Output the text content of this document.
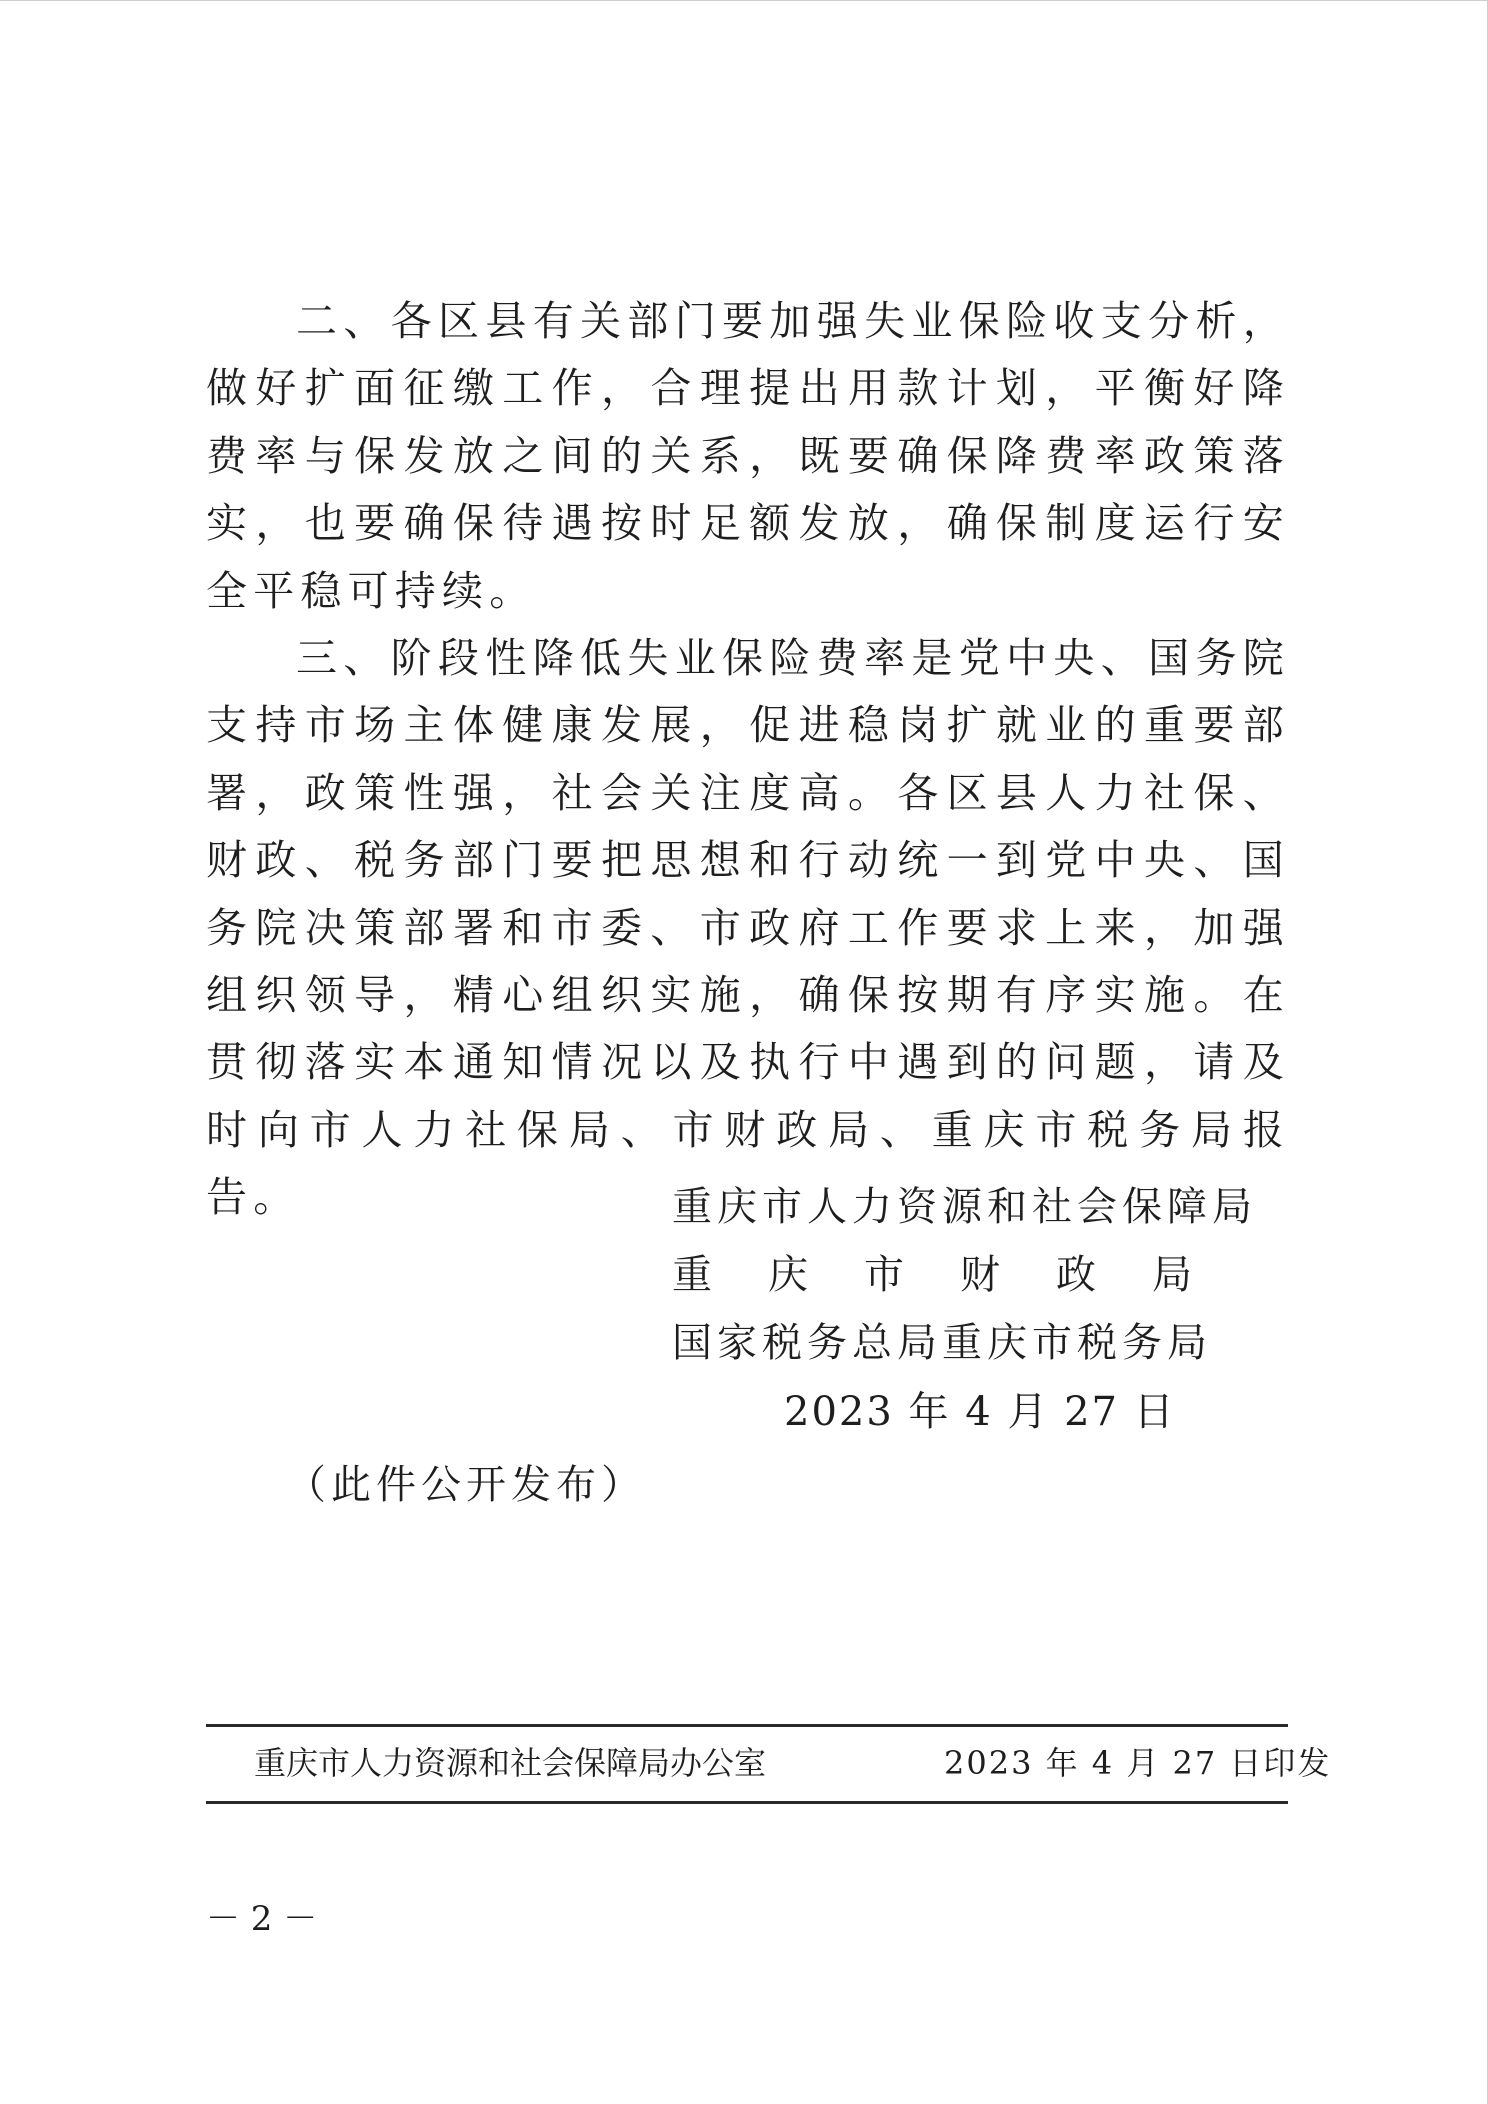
二、各区县有关部门要加强失业保险收支分析，做好扩面征缴工作，合理提出用款计划，平衡好降费率与保发放之间的关系，既要确保降费率政策落实，也要确保待遇按时足额发放，确保制度运行安全平稳可持续。

三、阶段性降低失业保险费率是党中央、国务院支持市场主体健康发展，促进稳岗扩就业的重要部署，政策性强，社会关注度高。各区县人力社保、财政、税务部门要把思想和行动统一到党中央、国务院决策部署和市委、市政府工作要求上来，加强组织领导，精心组织实施，确保按期有序实施。在贯彻落实本通知情况以及执行中遇到的问题，请及时向市人力社保局、市财政局、重庆市税务局报告。	重庆市人力资源和社会保障局
重 庆 市 财 政 局
国家税务总局重庆市税务局
2023 年 4 月 27 日
（此件公开发布）
重庆市人力资源和社会保障局办公室	2023 年 4 月 27 日印发
－ 2 －
